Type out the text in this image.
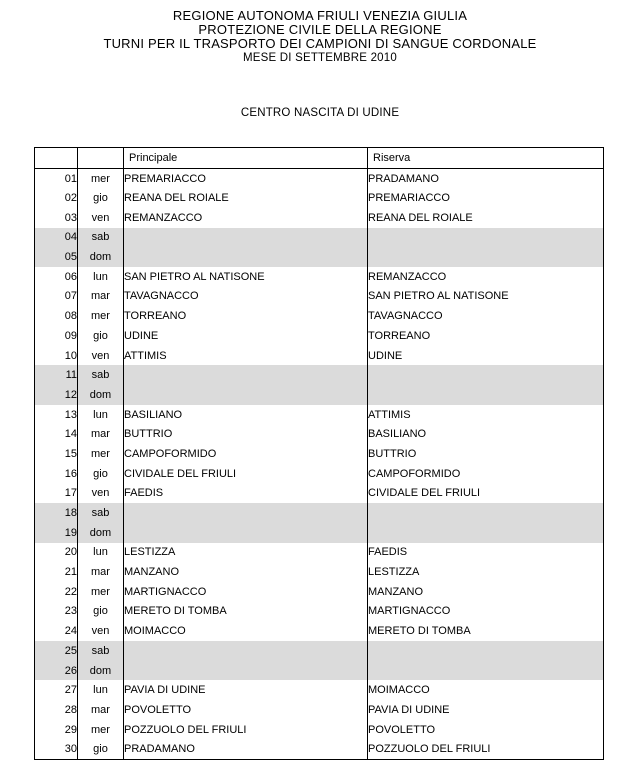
REGIONE AUTONOMA FRIULI VENEZIA GIULIA
PROTEZIONE CIVILE DELLA REGIONE
TURNI PER IL TRASPORTO DEI CAMPIONI DI SANGUE CORDONALE
MESE DI SETTEMBRE 2010
CENTRO NASCITA DI UDINE
		Principale	Riserva
01	mer	PREMARIACCO	PRADAMANO
02	gio	REANA DEL ROIALE	PREMARIACCO
03	ven	REMANZACCO	REANA DEL ROIALE
04	sab		
05	dom		
06	lun	SAN PIETRO AL NATISONE	REMANZACCO
07	mar	TAVAGNACCO	SAN PIETRO AL NATISONE
08	mer	TORREANO	TAVAGNACCO
09	gio	UDINE	TORREANO
10	ven	ATTIMIS	UDINE
11	sab		
12	dom		
13	lun	BASILIANO	ATTIMIS
14	mar	BUTTRIO	BASILIANO
15	mer	CAMPOFORMIDO	BUTTRIO
16	gio	CIVIDALE DEL FRIULI	CAMPOFORMIDO
17	ven	FAEDIS	CIVIDALE DEL FRIULI
18	sab		
19	dom		
20	lun	LESTIZZA	FAEDIS
21	mar	MANZANO	LESTIZZA
22	mer	MARTIGNACCO	MANZANO
23	gio	MERETO DI TOMBA	MARTIGNACCO
24	ven	MOIMACCO	MERETO DI TOMBA
25	sab		
26	dom		
27	lun	PAVIA DI UDINE	MOIMACCO
28	mar	POVOLETTO	PAVIA DI UDINE
29	mer	POZZUOLO DEL FRIULI	POVOLETTO
30	gio	PRADAMANO	POZZUOLO DEL FRIULI
